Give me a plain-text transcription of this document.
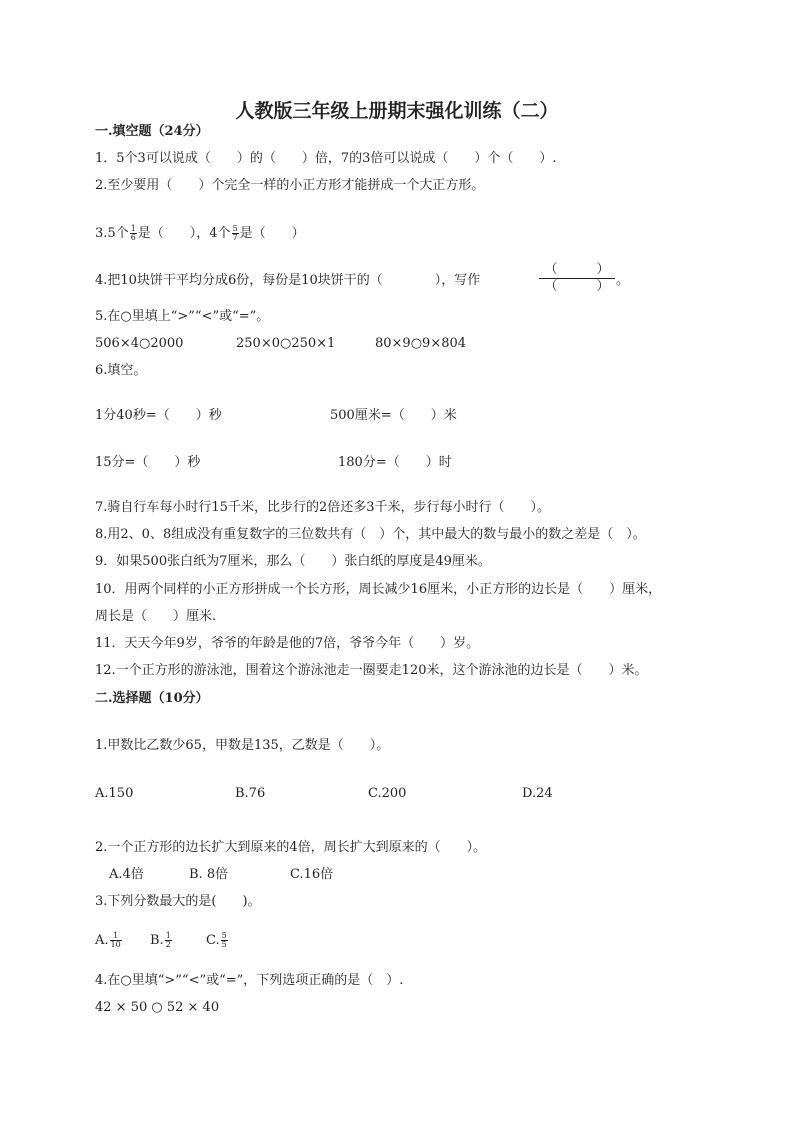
人教版三年级上册期末强化训练（二）
一.填空题（24分）
1．5个3可以说成（　　）的（　　）倍，7的3倍可以说成（　　）个（　　）.
2.至少要用（　　）个完全一样的小正方形才能拼成一个大正方形。
3.5个 $\frac{1}{6}$ 是（　　），4个 $\frac{5}{7}$ 是（　　）
4.把10块饼干平均分成6份，每份是10块饼干的（　　　　），写作
（　　　）
（　　　） 。
5.在○里填上“>”“<”或“=”。
506×4○2000	250×0○250×1	80×9○9×804
6.填空。
1分40秒=（　　）秒	500厘米=（　　）米
15分=（　　）秒	180分=（　　）时
7.骑自行车每小时行15千米，比步行的2倍还多3千米，步行每小时行（　　）。
8.用2、0、8组成没有重复数字的三位数共有（　）个，其中最大的数与最小的数之差是（　）。
9．如果500张白纸为7厘米，那么（　　）张白纸的厚度是49厘米。
10．用两个同样的小正方形拼成一个长方形，周长减少16厘米，小正方形的边长是（　　）厘米，
周长是（　　）厘米.
11．天天今年9岁，爷爷的年龄是他的7倍，爷爷今年（　　）岁。
12.一个正方形的游泳池，围着这个游泳池走一圈要走120米，这个游泳池的边长是（　　）米。
二.选择题（10分）
1.甲数比乙数少65，甲数是135，乙数是（　　）。
A.150	B.76	C.200	D.24
2.一个正方形的边长扩大到原来的4倍，周长扩大到原来的（　　）。
A.4倍	B. 8倍	C.16倍
3.下列分数最大的是(　　)。
A. $\frac{1}{10} B$. $\frac{1}{2}$	C. $\frac{5}{5}$
4.在○里填“>”“<”或“=”，下列选项正确的是（　）.
42 × 50 ○ 52 × 40
